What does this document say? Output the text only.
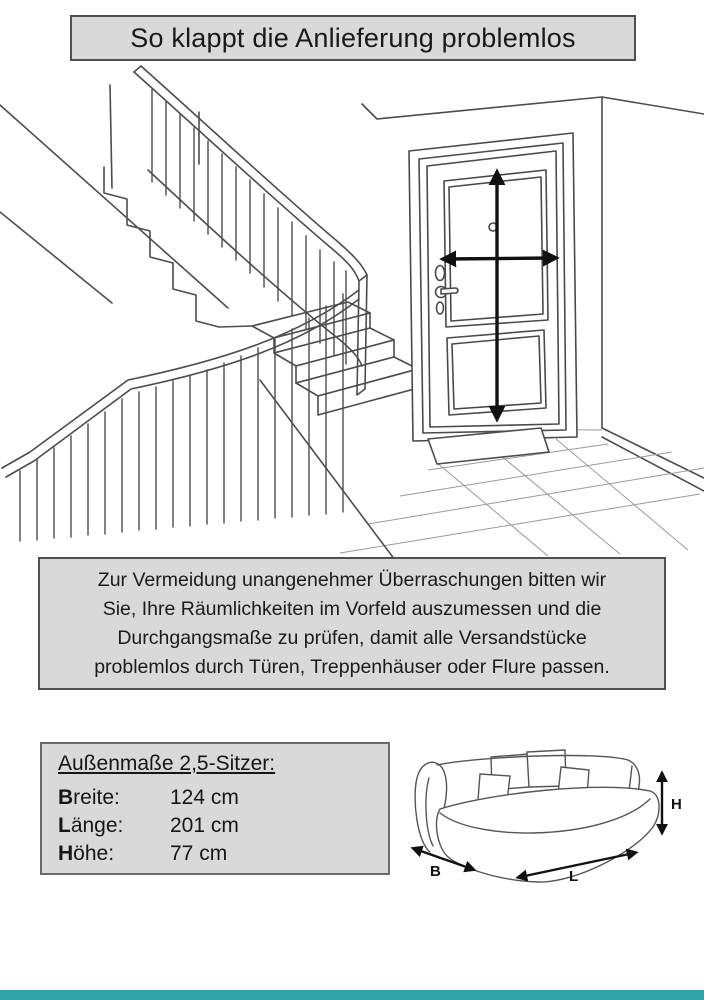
So klappt die Anlieferung problemlos
Zur Vermeidung unangenehmer Überraschungen bitten wir
Sie, Ihre Räumlichkeiten im Vorfeld auszumessen und die
Durchgangsmaße zu prüfen, damit alle Versandstücke
problemlos durch Türen, Treppenhäuser oder Flure passen.
Außenmaße 2,5-Sitzer:
Breite:	124 cm
Länge:	201 cm
Höhe:	77 cm
H
B	L
